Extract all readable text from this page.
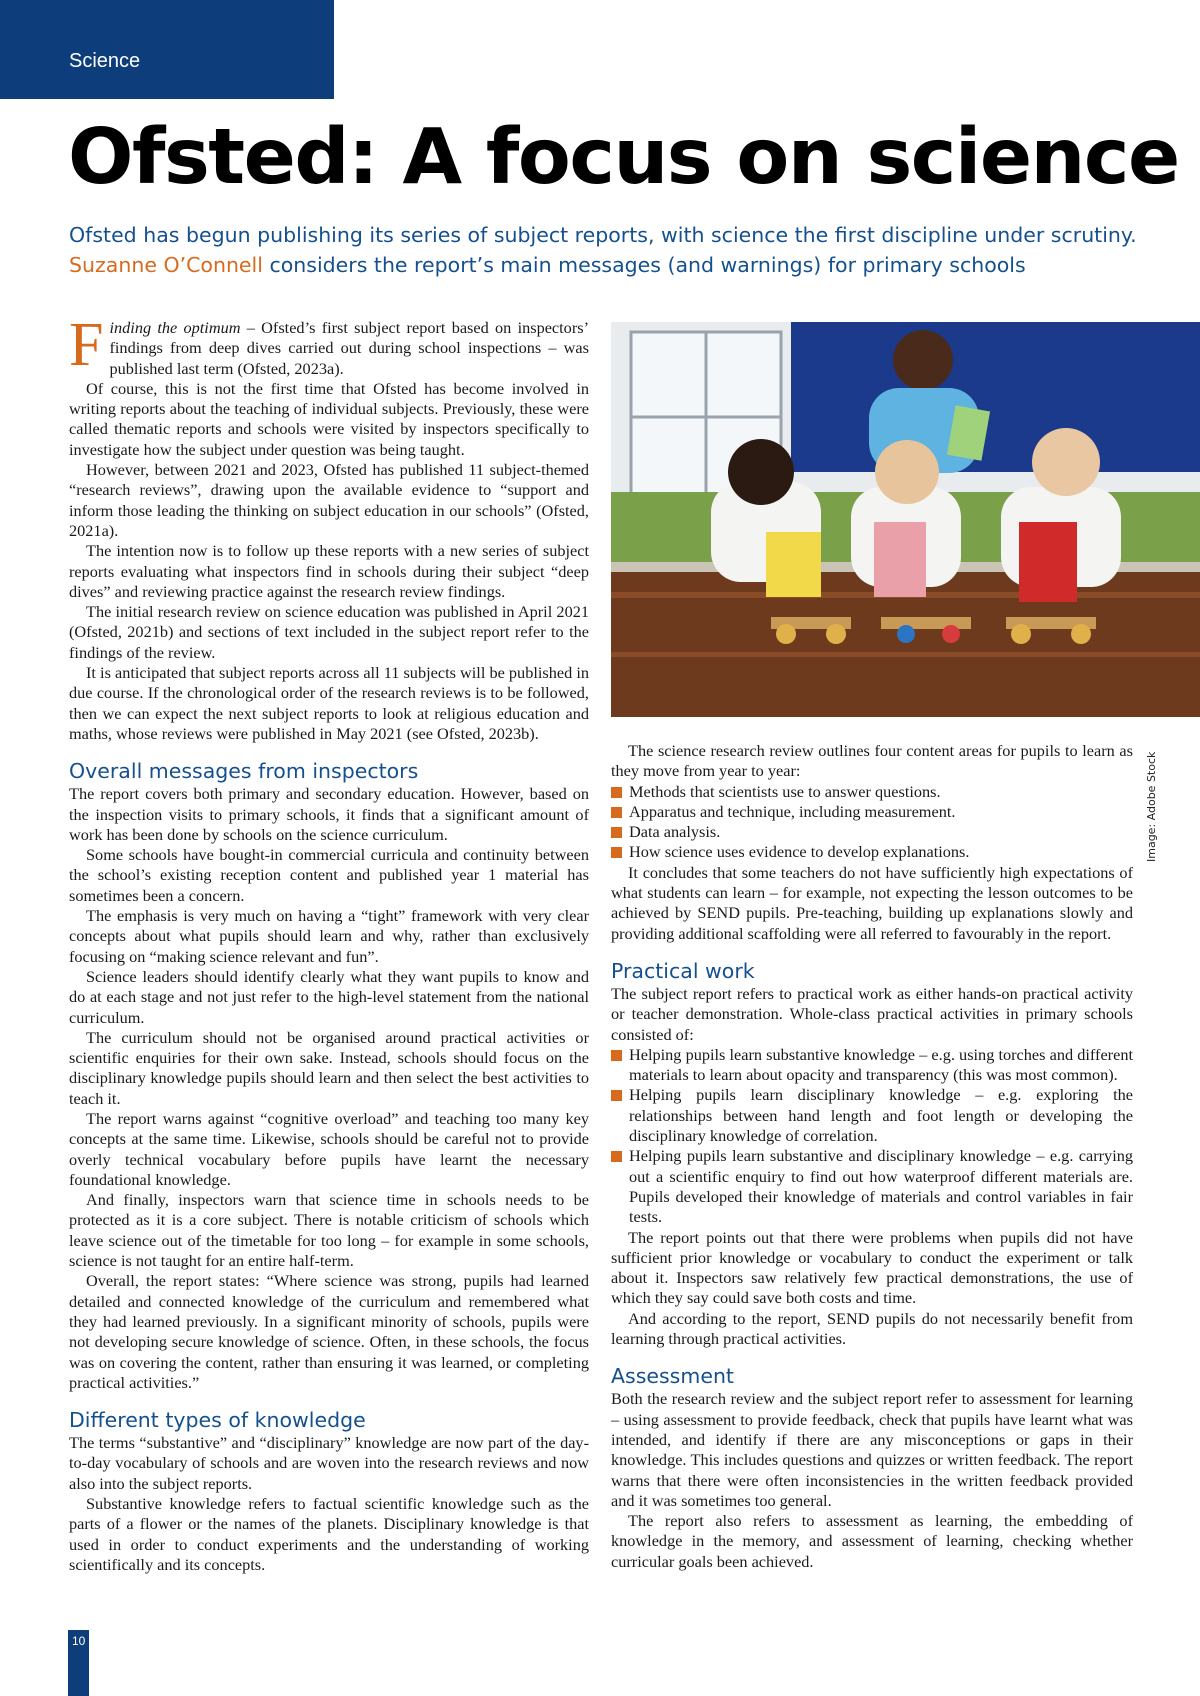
Science
Ofsted: A focus on science
Ofsted has begun publishing its series of subject reports, with science the first discipline under scrutiny.
Suzanne O’Connell considers the report’s main messages (and warnings) for primary schools

Finding the optimum – Ofsted’s first subject report based on inspectors’ findings from deep dives carried out during school inspections – was published last term (Ofsted, 2023a).

Of course, this is not the first time that Ofsted has become involved in writing reports about the teaching of individual subjects. Previously, these were called thematic reports and schools were visited by inspectors specifically to investigate how the subject under question was being taught.

However, between 2021 and 2023, Ofsted has published 11 subject-themed “research reviews”, drawing upon the available evidence to “support and inform those leading the thinking on subject education in our schools” (Ofsted, 2021a).

The intention now is to follow up these reports with a new series of subject reports evaluating what inspectors find in schools during their subject “deep dives” and reviewing practice against the research review findings.

The initial research review on science education was published in April 2021 (Ofsted, 2021b) and sections of text included in the subject report refer to the findings of the review.

It is anticipated that subject reports across all 11 subjects will be published in due course. If the chronological order of the research reviews is to be followed, then we can expect the next subject reports to look at religious education and maths, whose reviews were published in May 2021 (see Ofsted, 2023b).

Overall messages from inspectors

The report covers both primary and secondary education. However, based on the inspection visits to primary schools, it finds that a significant amount of work has been done by schools on the science curriculum.

Some schools have bought-in commercial curricula and continuity between the school’s existing reception content and published year 1 material has sometimes been a concern.

The emphasis is very much on having a “tight” framework with very clear concepts about what pupils should learn and why, rather than exclusively focusing on “making science relevant and fun”.

Science leaders should identify clearly what they want pupils to know and do at each stage and not just refer to the high-level statement from the national curriculum.

The curriculum should not be organised around practical activities or scientific enquiries for their own sake. Instead, schools should focus on the disciplinary knowledge pupils should learn and then select the best activities to teach it.

The report warns against “cognitive overload” and teaching too many key concepts at the same time. Likewise, schools should be careful not to provide overly technical vocabulary before pupils have learnt the necessary foundational knowledge.

And finally, inspectors warn that science time in schools needs to be protected as it is a core subject. There is notable criticism of schools which leave science out of the timetable for too long – for example in some schools, science is not taught for an entire half-term.

Overall, the report states: “Where science was strong, pupils had learned detailed and connected knowledge of the curriculum and remembered what they had learned previously. In a significant minority of schools, pupils were not developing secure knowledge of science. Often, in these schools, the focus was on covering the content, rather than ensuring it was learned, or completing practical activities.”

Different types of knowledge

The terms “substantive” and “disciplinary” knowledge are now part of the day-to-day vocabulary of schools and are woven into the research reviews and now also into the subject reports.

Substantive knowledge refers to factual scientific knowledge such as the parts of a flower or the names of the planets. Disciplinary knowledge is that used in order to conduct experiments and the understanding of working scientifically and its concepts.

Image: Adobe Stock

The science research review outlines four content areas for pupils to learn as they move from year to year:

Methods that scientists use to answer questions.
Apparatus and technique, including measurement.
Data analysis.
How science uses evidence to develop explanations.

It concludes that some teachers do not have sufficiently high expectations of what students can learn – for example, not expecting the lesson outcomes to be achieved by SEND pupils. Pre-teaching, building up explanations slowly and providing additional scaffolding were all referred to favourably in the report.

Practical work

The subject report refers to practical work as either hands-on practical activity or teacher demonstration. Whole-class practical activities in primary schools consisted of:

Helping pupils learn substantive knowledge – e.g. using torches and different materials to learn about opacity and transparency (this was most common).
Helping pupils learn disciplinary knowledge – e.g. exploring the relationships between hand length and foot length or developing the disciplinary knowledge of correlation.
Helping pupils learn substantive and disciplinary knowledge – e.g. carrying out a scientific enquiry to find out how waterproof different materials are. Pupils developed their knowledge of materials and control variables in fair tests.

The report points out that there were problems when pupils did not have sufficient prior knowledge or vocabulary to conduct the experiment or talk about it. Inspectors saw relatively few practical demonstrations, the use of which they say could save both costs and time.

And according to the report, SEND pupils do not necessarily benefit from learning through practical activities.

Assessment

Both the research review and the subject report refer to assessment for learning – using assessment to provide feedback, check that pupils have learnt what was intended, and identify if there are any misconceptions or gaps in their knowledge. This includes questions and quizzes or written feedback. The report warns that there were often inconsistencies in the written feedback provided and it was sometimes too general.

The report also refers to assessment as learning, the embedding of knowledge in the memory, and assessment of learning, checking whether curricular goals been achieved.

10
